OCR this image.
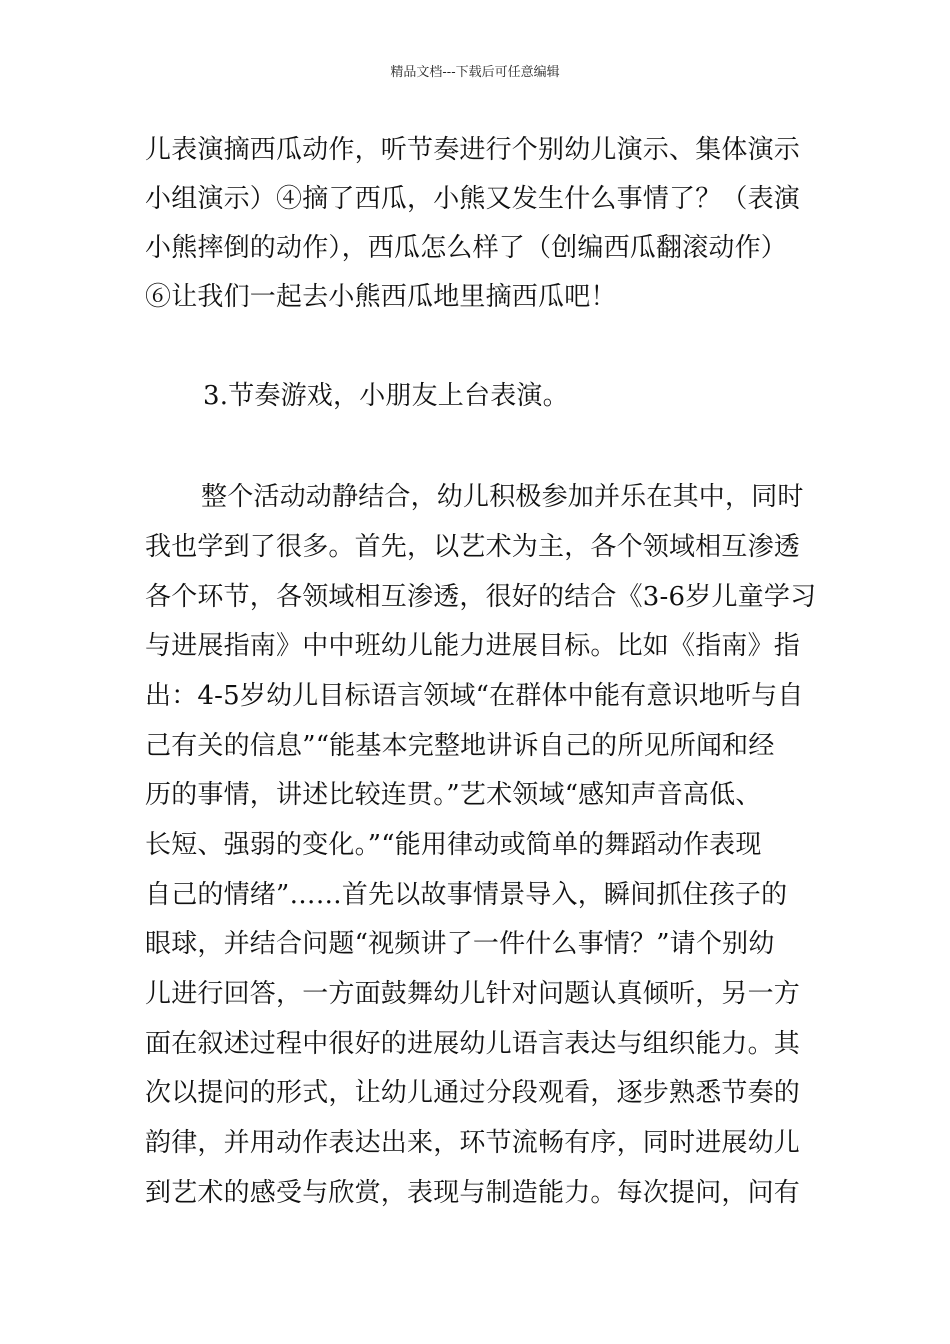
精品文档---下载后可任意编辑
儿表演摘西瓜动作，听节奏进行个别幼儿演示、集体演示
小组演示）④摘了西瓜，小熊又发生什么事情了？（表演
小熊摔倒的动作），西瓜怎么样了（创编西瓜翻滚动作）
⑥让我们一起去小熊西瓜地里摘西瓜吧！
3.节奏游戏，小朋友上台表演。
整个活动动静结合，幼儿积极参加并乐在其中，同时
我也学到了很多。首先，以艺术为主，各个领域相互渗透
各个环节，各领域相互渗透，很好的结合《3-6岁儿童学习
与进展指南》中中班幼儿能力进展目标。比如《指南》指
出：4-5岁幼儿目标语言领域“在群体中能有意识地听与自
己有关的信息”“能基本完整地讲诉自己的所见所闻和经
历的事情，讲述比较连贯。”艺术领域“感知声音高低、
长短、强弱的变化。”“能用律动或简单的舞蹈动作表现
自己的情绪”……首先以故事情景导入，瞬间抓住孩子的
眼球，并结合问题“视频讲了一件什么事情？”请个别幼
儿进行回答，一方面鼓舞幼儿针对问题认真倾听，另一方
面在叙述过程中很好的进展幼儿语言表达与组织能力。其
次以提问的形式，让幼儿通过分段观看，逐步熟悉节奏的
韵律，并用动作表达出来，环节流畅有序，同时进展幼儿
到艺术的感受与欣赏，表现与制造能力。每次提问，问有
